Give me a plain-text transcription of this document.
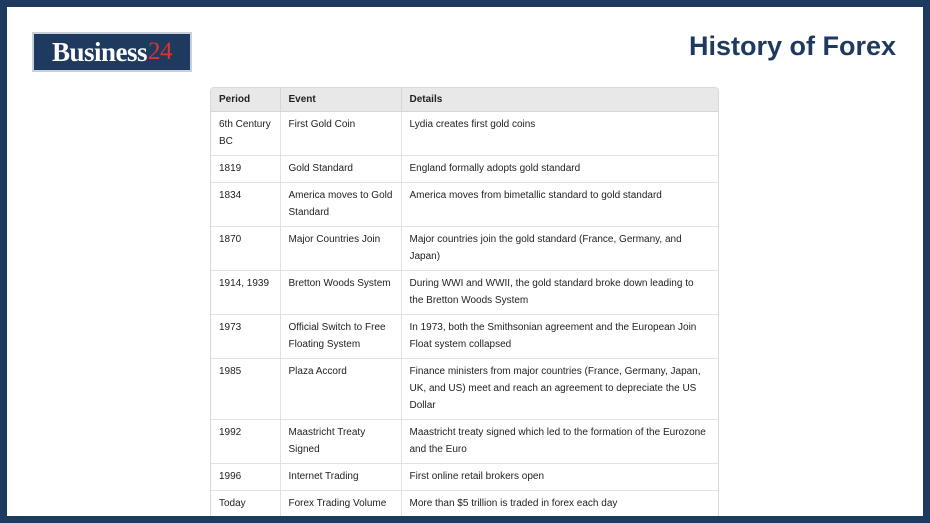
Business 24	History of Forex
Period	Event	Details
6th Century BC	First Gold Coin	Lydia creates first gold coins
1819	Gold Standard	England formally adopts gold standard
1834	America moves to Gold Standard	America moves from bimetallic standard to gold standard
1870	Major Countries Join	Major countries join the gold standard (France, Germany, and Japan)
1914, 1939	Bretton Woods System	During WWI and WWII, the gold standard broke down leading to the Bretton Woods System
1973	Official Switch to Free Floating System	In 1973, both the Smithsonian agreement and the European Join Float system collapsed
1985	Plaza Accord	Finance ministers from major countries (France, Germany, Japan, UK, and US) meet and reach an agreement to depreciate the US Dollar
1992	Maastricht Treaty Signed	Maastricht treaty signed which led to the formation of the Eurozone and the Euro
1996	Internet Trading	First online retail brokers open
Today	Forex Trading Volume	More than $5 trillion is traded in forex each day
